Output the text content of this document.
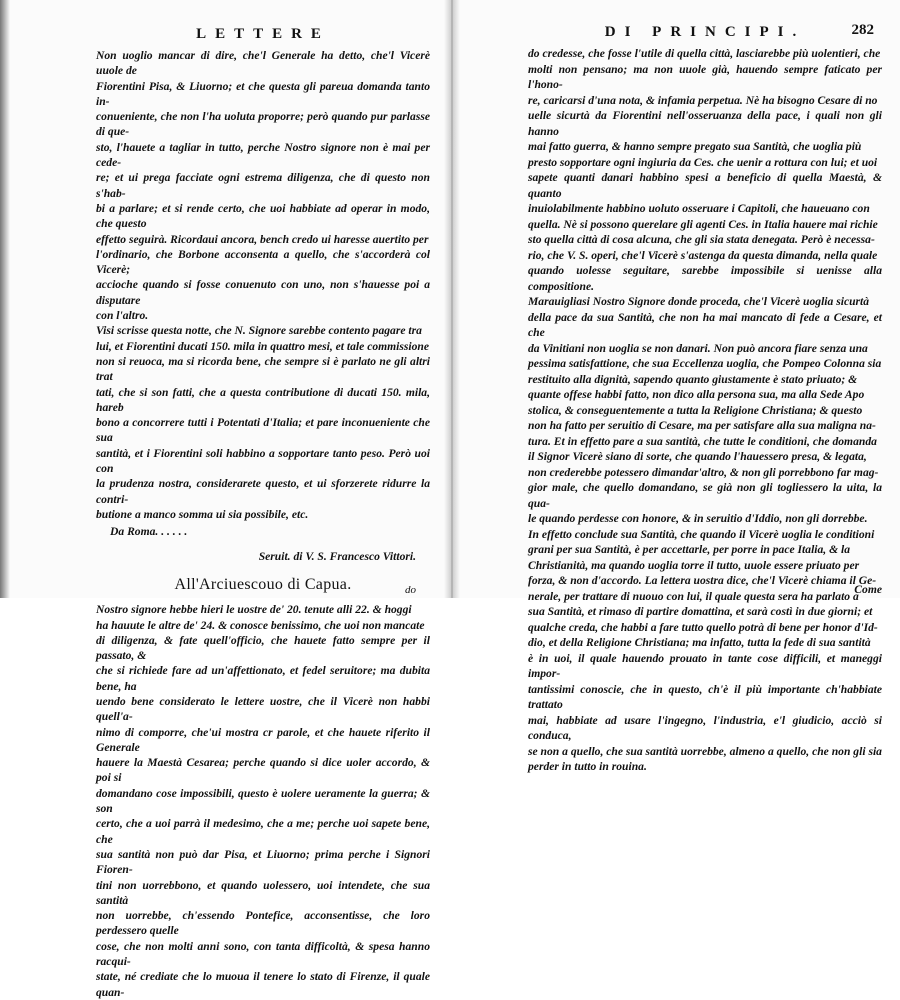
LETTERE
Non uoglio mancar di dire, che'l Generale ha detto, che'l Vicerè uuole de
Fiorentini Pisa, & Liuorno; et che questa gli pareua domanda tanto in-
conueniente, che non l'ha uoluta proporre; però quando pur parlasse di que-
sto, l'hauete a tagliar in tutto, perche Nostro signore non è mai per cede-
re; et ui prega facciate ogni estrema diligenza, che di questo non s'hab-
bi a parlare; et si rende certo, che uoi habbiate ad operar in modo, che questo
effetto seguirà. Ricordaui ancora, bench credo ui haresse auertito per
l'ordinario, che Borbone acconsenta a quello, che s'accorderà col Vicerè;
accioche quando si fosse conuenuto con uno, non s'hauesse poi a disputare
con l'altro.
Visi scrisse questa notte, che N. Signore sarebbe contento pagare tra
lui, et Fiorentini ducati 150. mila in quattro mesi, et tale commissione
non si reuoca, ma si ricorda bene, che sempre si è parlato ne gli altri trat
tati, che si son fatti, che a questa contributione di ducati 150. mila, hareb
bono a concorrere tutti i Potentati d'Italia; et pare inconueniente che sua
santità, et i Fiorentini soli habbino a sopportare tanto peso. Però uoi con
la prudenza nostra, considerarete questo, et ui sforzerete ridurre la contri-
butione a manco somma ui sia possibile, etc.
Da Roma. . . . . .
Seruit. di V. S. Francesco Vittori.
All'Arciuescouo di Capua.
Nostro signore hebbe hieri le uostre de' 20. tenute alli 22. & hoggi
ha hauute le altre de' 24. & conosce benissimo, che uoi non mancate
di diligenza, & fate quell'officio, che hauete fatto sempre per il passato, &
che si richiede fare ad un'affettionato, et fedel seruitore; ma dubita bene, ha
uendo bene considerato le lettere uostre, che il Vicerè non habbi quell'a-
nimo di comporre, che'ui mostra cr parole, et che hauete riferito il Generale
hauere la Maestà Cesarea; perche quando si dice uoler accordo, & poi si
domandano cose impossibili, questo è uolere ueramente la guerra; & son
certo, che a uoi parrà il medesimo, che a me; perche uoi sapete bene, che
sua santità non può dar Pisa, et Liuorno; prima perche i Signori Fioren-
tini non uorrebbono, et quando uolessero, uoi intendete, che sua santità
non uorrebbe, ch'essendo Pontefice, acconsentisse, che loro perdessero quelle
cose, che non molti anni sono, con tanta difficoltà, & spesa hanno racqui-
state, né crediate che lo muoua il tenere lo stato di Firenze, il quale quan-
do
DI PRINCIPI.
do credesse, che fosse l'utile di quella città, lasciarebbe più uolentieri, che
molti non pensano; ma non uuole già, hauendo sempre faticato per l'hono-
re, caricarsi d'una nota, & infamia perpetua. Nè ha bisogno Cesare di no
uelle sicurtà da Fiorentini nell'osseruanza della pace, i quali non gli hanno
mai fatto guerra, & hanno sempre pregato sua Santità, che uoglia più
presto sopportare ogni ingiuria da Ces. che uenir a rottura con lui; et uoi
sapete quanti danari habbino spesi a beneficio di quella Maestà, & quanto
inuiolabilmente habbino uoluto osseruare i Capitoli, che haueuano con
quella. Nè si possono querelare gli agenti Ces. in Italia hauere mai richie
sto quella città di cosa alcuna, che gli sia stata denegata. Però è necessa-
rio, che V. S. operi, che'l Vicerè s'astenga da questa dimanda, nella quale
quando uolesse seguitare, sarebbe impossibile si uenisse alla compositione.
Marauigliasi Nostro Signore donde proceda, che'l Vicerè uoglia sicurtà
della pace da sua Santità, che non ha mai mancato di fede a Cesare, et che
da Vinitiani non uoglia se non danari. Non può ancora fiare senza una
pessima satisfattione, che sua Eccellenza uoglia, che Pompeo Colonna sia
restituito alla dignità, sapendo quanto giustamente è stato priuato; &
quante offese habbi fatto, non dico alla persona sua, ma alla Sede Apo
stolica, & conseguentemente a tutta la Religione Christiana; & questo
non ha fatto per seruitio di Cesare, ma per satisfare alla sua maligna na-
tura. Et in effetto pare a sua santità, che tutte le conditioni, che domanda
il Signor Vicerè siano di sorte, che quando l'hauessero presa, & legata,
non crederebbe potessero dimandar'altro, & non gli porrebbono far mag-
gior male, che quello domandano, se già non gli togliessero la uita, la qua-
le quando perdesse con honore, & in seruitio d'Iddio, non gli dorrebbe.
In effetto conclude sua Santità, che quando il Vicerè uoglia le conditioni
grani per sua Santità, è per accettarle, per porre in pace Italia, & la
Christianità, ma quando uoglia torre il tutto, uuole essere priuato per
forza, & non d'accordo. La lettera uostra dice, che'l Vicerè chiama il Ge-
nerale, per trattare di nuouo con lui, il quale questa sera ha parlato a
sua Santità, et rimaso di partire domattina, et sarà costì in due giorni; et
qualche creda, che habbi a fare tutto quello potrà di bene per honor d'Id-
dio, et della Religione Christiana; ma infatto, tutta la fede di sua santità
è in uoi, il quale hauendo prouato in tante cose difficili, et maneggi impor-
tantissimi conoscie, che in questo, ch'è il più importante ch'habbiate trattato
mai, habbiate ad usare l'ingegno, l'industria, e'l giudicio, acciò si conduca,
se non a quello, che sua santità uorrebbe, almeno a quello, che non gli sia
perder in tutto in rouina.
Come
282
